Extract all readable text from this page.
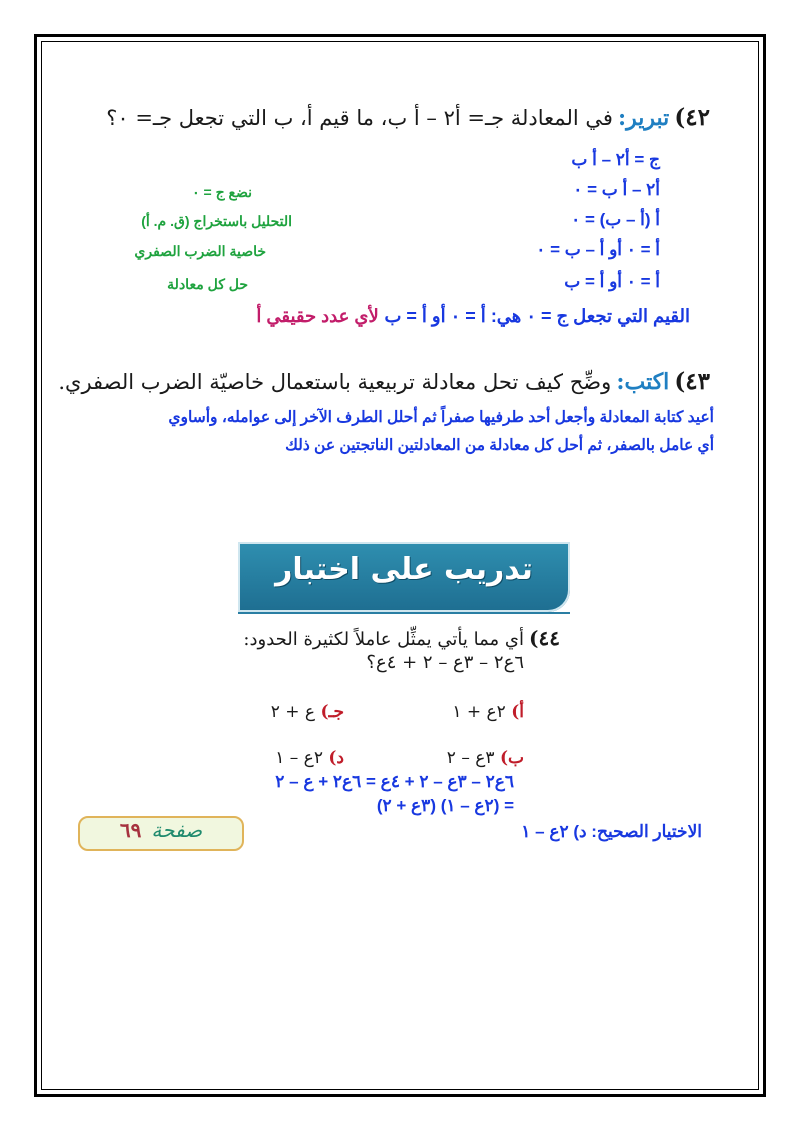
٤٢) تبرير: في المعادلة جـ= أ٢ – أ ب، ما قيم أ، ب التي تجعل جـ= ٠؟
ج = أ٢ – أ ب
أ٢ – أ ب = ٠
أ (أ – ب) = ٠
أ = ٠ أو أ – ب = ٠
أ = ٠ أو أ = ب
نضع ج = ٠
التحليل باستخراج (ق. م. أ)
خاصية الضرب الصفري
حل كل معادلة
القيم التي تجعل ج = ٠ هي: أ = ٠ أو أ = ب لأي عدد حقيقي أ
٤٣) اكتب: وضِّح كيف تحل معادلة تربيعية باستعمال خاصيّة الضرب الصفري.
أعيد كتابة المعادلة وأجعل أحد طرفيها صفراً ثم أحلل الطرف الآخر إلى عوامله، وأساوي
أي عامل بالصفر، ثم أحل كل معادلة من المعادلتين الناتجتين عن ذلك
تدريب على اختبار
٤٤) أي مما يأتي يمثِّل عاملاً لكثيرة الحدود:
٦ع٢ – ٣ع – ٢ + ٤ع؟
أ) ٢ع + ١
جـ) ع + ٢
ب) ٣ع – ٢
د) ٢ع – ١
٦ع٢ – ٣ع – ٢ + ٤ع = ٦ع٢ + ع – ٢
= (٢ع – ١) (٣ع + ٢)
الاختيار الصحيح: د) ٢ع – ١
صفحة٦٩
